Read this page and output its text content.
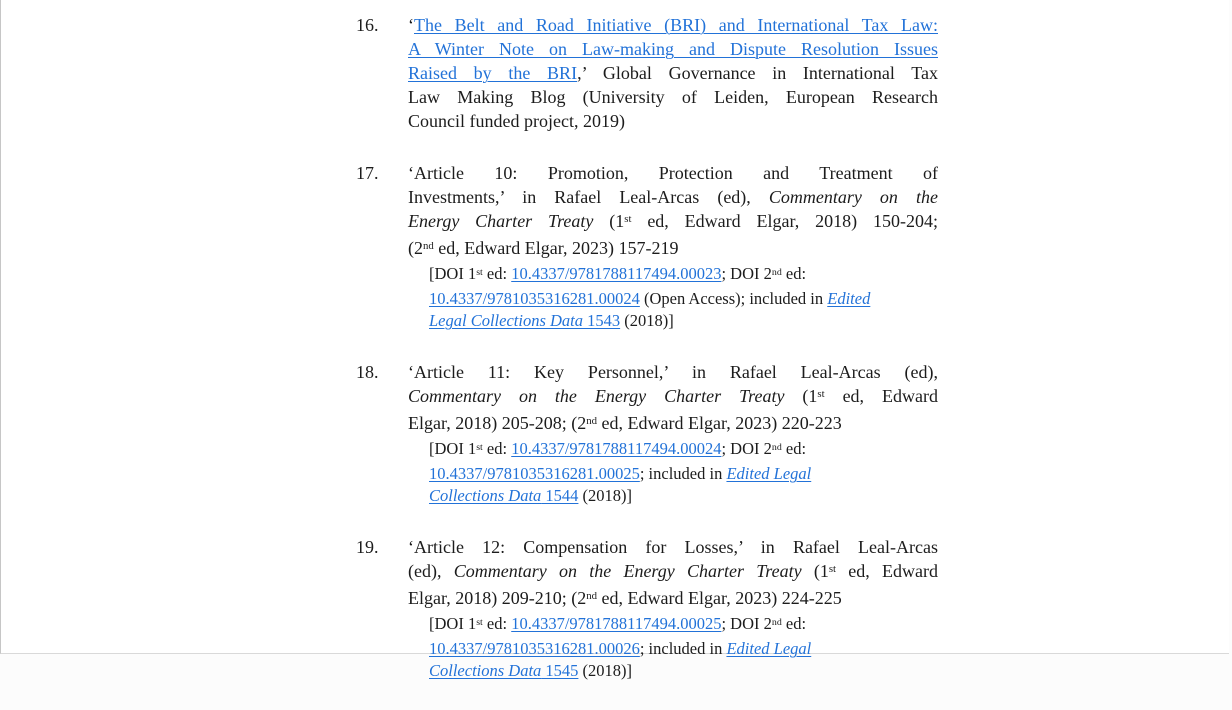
16. ‘The Belt and Road Initiative (BRI) and International Tax Law:
A Winter Note on Law-making and Dispute Resolution Issues
Raised by the BRI,’ Global Governance in International Tax
Law Making Blog (University of Leiden, European Research
Council funded project, 2019)
17. ‘Article 10: Promotion, Protection and Treatment of
Investments,’ in Rafael Leal-Arcas (ed), Commentary on the
Energy Charter Treaty (1st ed, Edward Elgar, 2018) 150-204;
(2nd ed, Edward Elgar, 2023) 157-219
[DOI 1st ed: 10.4337/9781788117494.00023; DOI 2nd ed:
10.4337/9781035316281.00024 (Open Access); included in Edited
Legal Collections Data 1543 (2018)]
18. ‘Article 11: Key Personnel,’ in Rafael Leal-Arcas (ed),
Commentary on the Energy Charter Treaty (1st ed, Edward
Elgar, 2018) 205-208; (2nd ed, Edward Elgar, 2023) 220-223
[DOI 1st ed: 10.4337/9781788117494.00024; DOI 2nd ed:
10.4337/9781035316281.00025; included in Edited Legal
Collections Data 1544 (2018)]
19. ‘Article 12: Compensation for Losses,’ in Rafael Leal-Arcas
(ed), Commentary on the Energy Charter Treaty (1st ed, Edward
Elgar, 2018) 209-210; (2nd ed, Edward Elgar, 2023) 224-225
[DOI 1st ed: 10.4337/9781788117494.00025; DOI 2nd ed:
10.4337/9781035316281.00026; included in Edited Legal
Collections Data 1545 (2018)]
